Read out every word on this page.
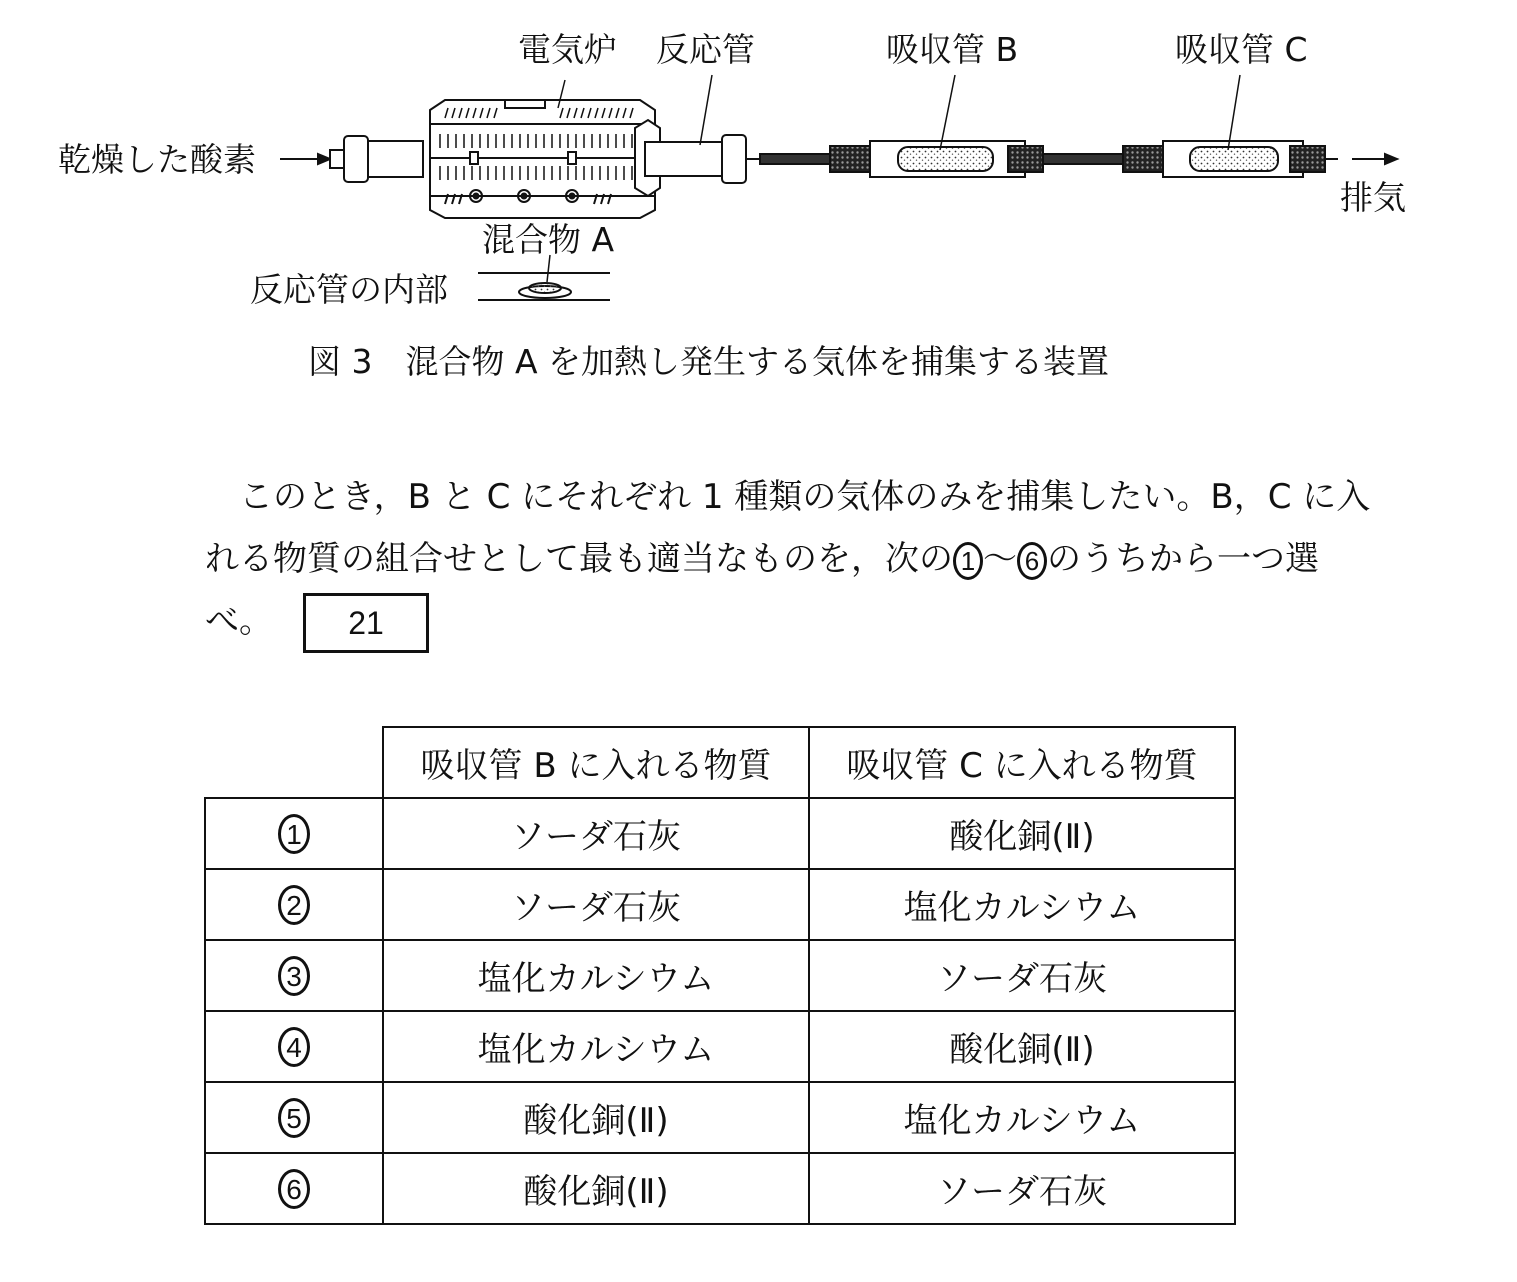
電気炉 反応管	吸収管 B	吸収管 C
乾燥した酸素
排気
混合物 A
反応管の内部
図 3　混合物 A を加熱し発生する気体を捕集する装置

このとき，B と C にそれぞれ 1 種類の気体のみを捕集したい。B，C に入

れる物質の組合せとして最も適当なものを，次の 1 ～ 6 のうちから一つ選

べ。 21

	吸収管 B に入れる物質	吸収管 C に入れる物質
1	ソーダ石灰	酸化銅(Ⅱ)
2	ソーダ石灰	塩化カルシウム
3	塩化カルシウム	ソーダ石灰
4	塩化カルシウム	酸化銅(Ⅱ)
5	酸化銅(Ⅱ)	塩化カルシウム
6	酸化銅(Ⅱ)	ソーダ石灰
